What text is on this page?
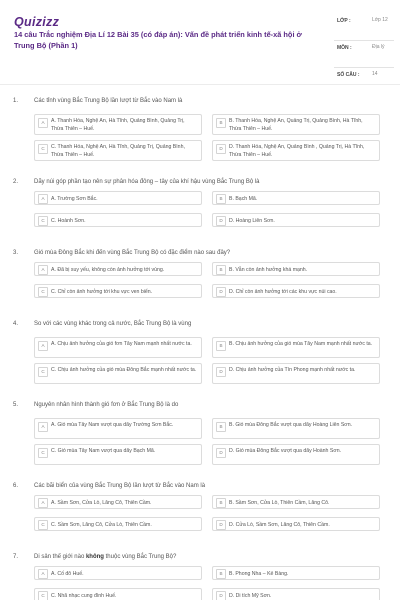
Quizizz
14 câu Trắc nghiệm Địa Lí 12 Bài 35 (có đáp án): Vấn đề phát triển kinh tế-xã hội ở Trung Bộ (Phần 1)
LỚP :	Lớp 12
MÔN :	Địa lý
SỐ CÂU :	14
1.	Các tỉnh vùng Bắc Trung Bộ lần lượt từ Bắc vào Nam là
A	A. Thanh Hóa, Nghệ An, Hà Tĩnh, Quảng Bình, Quảng Trị, Thừa Thiên – Huế.
B	B. Thanh Hóa, Nghệ An, Quảng Trị, Quảng Bình, Hà Tĩnh, Thừa Thiên – Huế.
C	C. Thanh Hóa, Nghệ An, Hà Tĩnh, Quảng Trị, Quảng Bình, Thừa Thiên – Huế.
D	D. Thanh Hóa, Nghệ An, Quảng Bình , Quảng Trị, Hà Tĩnh, Thừa Thiên – Huế.
2.	Dãy núi góp phần tạo nên sự phân hóa đông – tây của khí hậu vùng Bắc Trung Bộ là
A	A. Trường Sơn Bắc.	B	B. Bạch Mã.
C	C. Hoành Sơn.	D	D. Hoàng Liên Sơn.
3.	Gió mùa Đông Bắc khi đến vùng Bắc Trung Bộ có đặc điểm nào sau đây?
A	A. Đã bị suy yếu, không còn ảnh hưởng tới vùng.	B	B. Vẫn còn ảnh hưởng khá mạnh.
C	C. Chỉ còn ảnh hưởng tới khu vực ven biển.	D	D. Chỉ còn ảnh hưởng tới các khu vực núi cao.
4.	So với các vùng khác trong cả nước, Bắc Trung Bộ là vùng
A	A. Chịu ảnh hưởng của gió fơn Tây Nam mạnh nhất nước ta.	B	B. Chịu ảnh hưởng của gió mùa Tây Nam mạnh nhất nước ta.
C	C. Chịu ảnh hưởng của gió mùa Đông Bắc mạnh nhất nước ta.	D	D. Chịu ảnh hưởng của Tín Phong mạnh nhất nước ta.
5.	Nguyên nhân hình thành gió fơn ở Bắc Trung Bộ là do
A	A. Gió mùa Tây Nam vượt qua dãy Trường Sơn Bắc.	B	B. Gió mùa Đông Bắc vượt qua dãy Hoàng Liên Sơn.
C	C. Gió mùa Tây Nam vượt qua dãy Bạch Mã.	D	D. Gió mùa Đông Bắc vượt qua dãy Hoành Sơn.
6.	Các bãi biển của vùng Bắc Trung Bộ lần lượt từ Bắc vào Nam là
A	A. Sầm Sơn, Cửa Lò, Lăng Cô, Thiên Cầm.	B	B. Sầm Sơn, Cửa Lò, Thiên Cầm, Lăng Cô.
C	C. Sầm Sơn, Lăng Cô, Cửa Lò, Thiên Cầm.	D	D. Cửa Lò, Sầm Sơn, Lăng Cô, Thiên Cầm.
7.	Di sản thế giới nào không thuộc vùng Bắc Trung Bộ?
A	A. Cố đô Huế.	B	B. Phong Nha – Kẻ Bàng.
C	C. Nhã nhạc cung đình Huế.	D	D. Di tích Mỹ Sơn.
